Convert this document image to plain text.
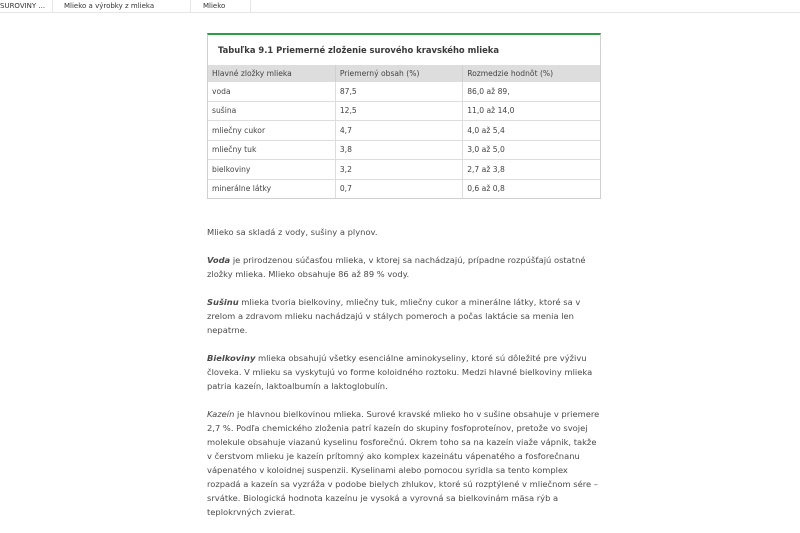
SUROVINY ...	Mlieko a výrobky z mlieka	Mlieko
Tabuľka 9.1 Priemerné zloženie surového kravského mlieka
Hlavné zložky mlieka	Priemerný obsah (%)	Rozmedzie hodnôt (%)
voda	87,5	86,0 až 89,
sušina	12,5	11,0 až 14,0
mliečny cukor	4,7	4,0 až 5,4
mliečny tuk	3,8	3,0 až 5,0
bielkoviny	3,2	2,7 až 3,8
minerálne látky	0,7	0,6 až 0,8

Mlieko sa skladá z vody, sušiny a plynov.

Voda je prirodzenou súčasťou mlieka, v ktorej sa nachádzajú, prípadne rozpúšťajú ostatné zložky mlieka. Mlieko obsahuje 86 až 89 % vody.

Sušinu mlieka tvoria bielkoviny, mliečny tuk, mliečny cukor a minerálne látky, ktoré sa v zrelom a zdravom mlieku nachádzajú v stálych pomeroch a počas laktácie sa menia len nepatrne.

Bielkoviny mlieka obsahujú všetky esenciálne aminokyseliny, ktoré sú dôležité pre výživu človeka. V mlieku sa vyskytujú vo forme koloidného roztoku. Medzi hlavné bielkoviny mlieka patria kazeín, laktoalbumín a laktoglobulín.

Kazeín je hlavnou bielkovinou mlieka. Surové kravské mlieko ho v sušine obsahuje v priemere 2,7 %. Podľa chemického zloženia patrí kazeín do skupiny fosfoproteínov, pretože vo svojej molekule obsahuje viazanú kyselinu fosforečnú. Okrem toho sa na kazeín viaže vápnik, takže v čerstvom mlieku je kazeín prítomný ako komplex kazeinátu vápenatého a fosforečnanu vápenatého v koloidnej suspenzii. Kyselinami alebo pomocou syridla sa tento komplex rozpadá a kazeín sa vyzráža v podobe bielych zhlukov, ktoré sú rozptýlené v mliečnom sére – srvátke. Biologická hodnota kazeínu je vysoká a vyrovná sa bielkovinám mäsa rýb a teplokrvných zvierat.
